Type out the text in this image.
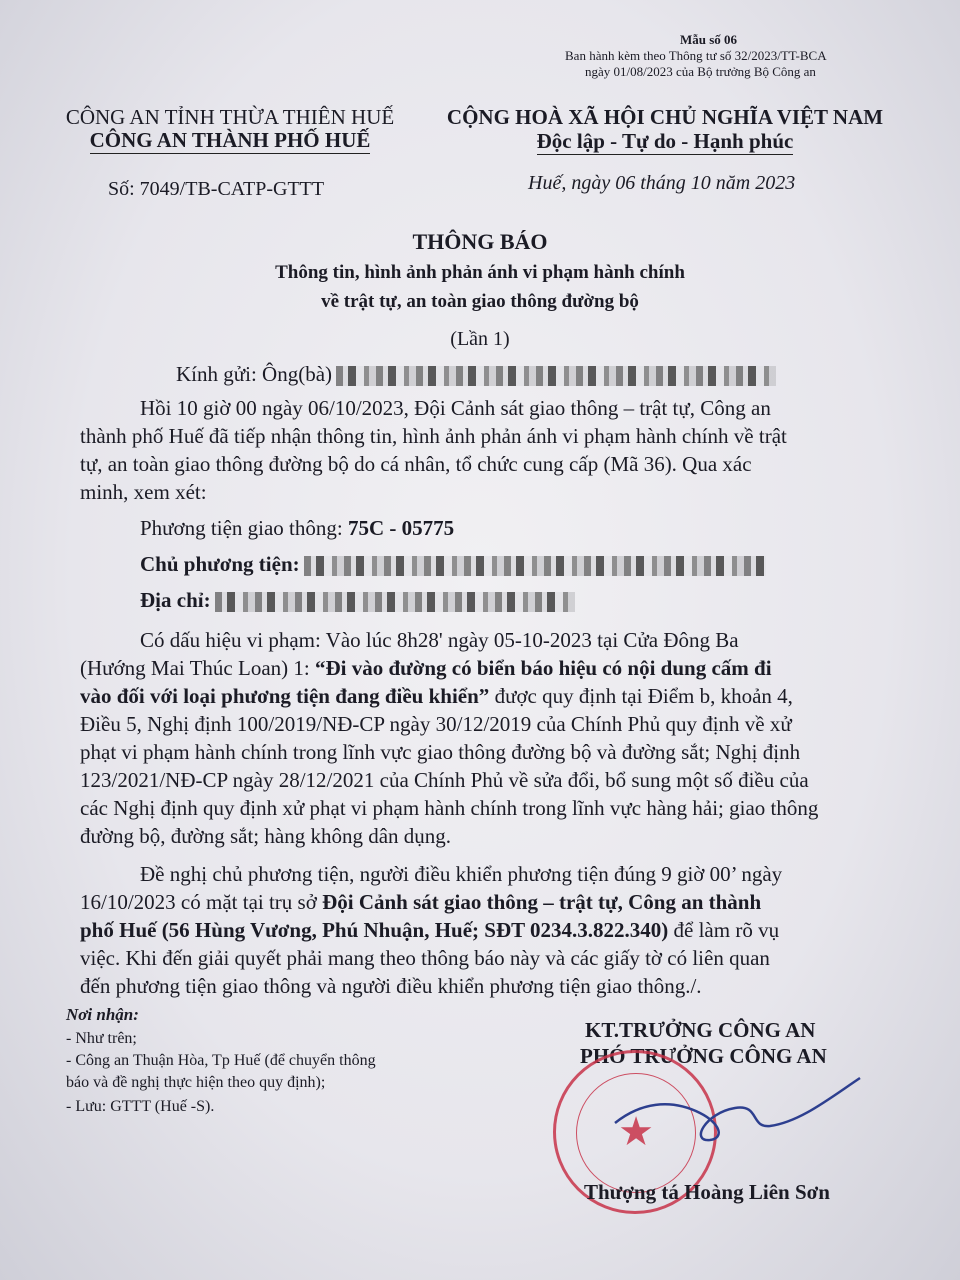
Mẫu số 06
Ban hành kèm theo Thông tư số 32/2023/TT-BCA
ngày 01/08/2023 của Bộ trưởng Bộ Công an
CÔNG AN TỈNH THỪA THIÊN HUẾ
CÔNG AN THÀNH PHỐ HUẾ
CỘNG HOÀ XÃ HỘI CHỦ NGHĨA VIỆT NAM
Độc lập - Tự do - Hạnh phúc
Số: 7049/TB-CATP-GTTT	Huế, ngày 06 tháng 10 năm 2023
THÔNG BÁO
Thông tin, hình ảnh phản ánh vi phạm hành chính
về trật tự, an toàn giao thông đường bộ
(Lần 1)
Kính gửi: Ông(bà)
Hồi 10 giờ 00 ngày 06/10/2023, Đội Cảnh sát giao thông – trật tự, Công an
thành phố Huế đã tiếp nhận thông tin, hình ảnh phản ánh vi phạm hành chính về trật
tự, an toàn giao thông đường bộ do cá nhân, tổ chức cung cấp (Mã 36). Qua xác
minh, xem xét:
Phương tiện giao thông: 75C - 05775
Chủ phương tiện:
Địa chỉ:
Có dấu hiệu vi phạm: Vào lúc 8h28' ngày 05-10-2023 tại Cửa Đông Ba
(Hướng Mai Thúc Loan) 1: “Đi vào đường có biển báo hiệu có nội dung cấm đi
vào đối với loại phương tiện đang điều khiển” được quy định tại Điểm b, khoản 4,
Điều 5, Nghị định 100/2019/NĐ-CP ngày 30/12/2019 của Chính Phủ quy định về xử
phạt vi phạm hành chính trong lĩnh vực giao thông đường bộ và đường sắt; Nghị định
123/2021/NĐ-CP ngày 28/12/2021 của Chính Phủ về sửa đổi, bổ sung một số điều của
các Nghị định quy định xử phạt vi phạm hành chính trong lĩnh vực hàng hải; giao thông
đường bộ, đường sắt; hàng không dân dụng.
Đề nghị chủ phương tiện, người điều khiển phương tiện đúng 9 giờ 00’ ngày
16/10/2023 có mặt tại trụ sở Đội Cảnh sát giao thông – trật tự, Công an thành
phố Huế (56 Hùng Vương, Phú Nhuận, Huế; SĐT 0234.3.822.340) để làm rõ vụ
việc. Khi đến giải quyết phải mang theo thông báo này và các giấy tờ có liên quan
đến phương tiện giao thông và người điều khiển phương tiện giao thông./.
Nơi nhận:
- Như trên;
- Công an Thuận Hòa, Tp Huế (để chuyển thông
báo và đề nghị thực hiện theo quy định);
- Lưu: GTTT (Huế -S).
KT.TRƯỞNG CÔNG AN
PHÓ TRƯỞNG CÔNG AN
★
Thượng tá Hoàng Liên Sơn
